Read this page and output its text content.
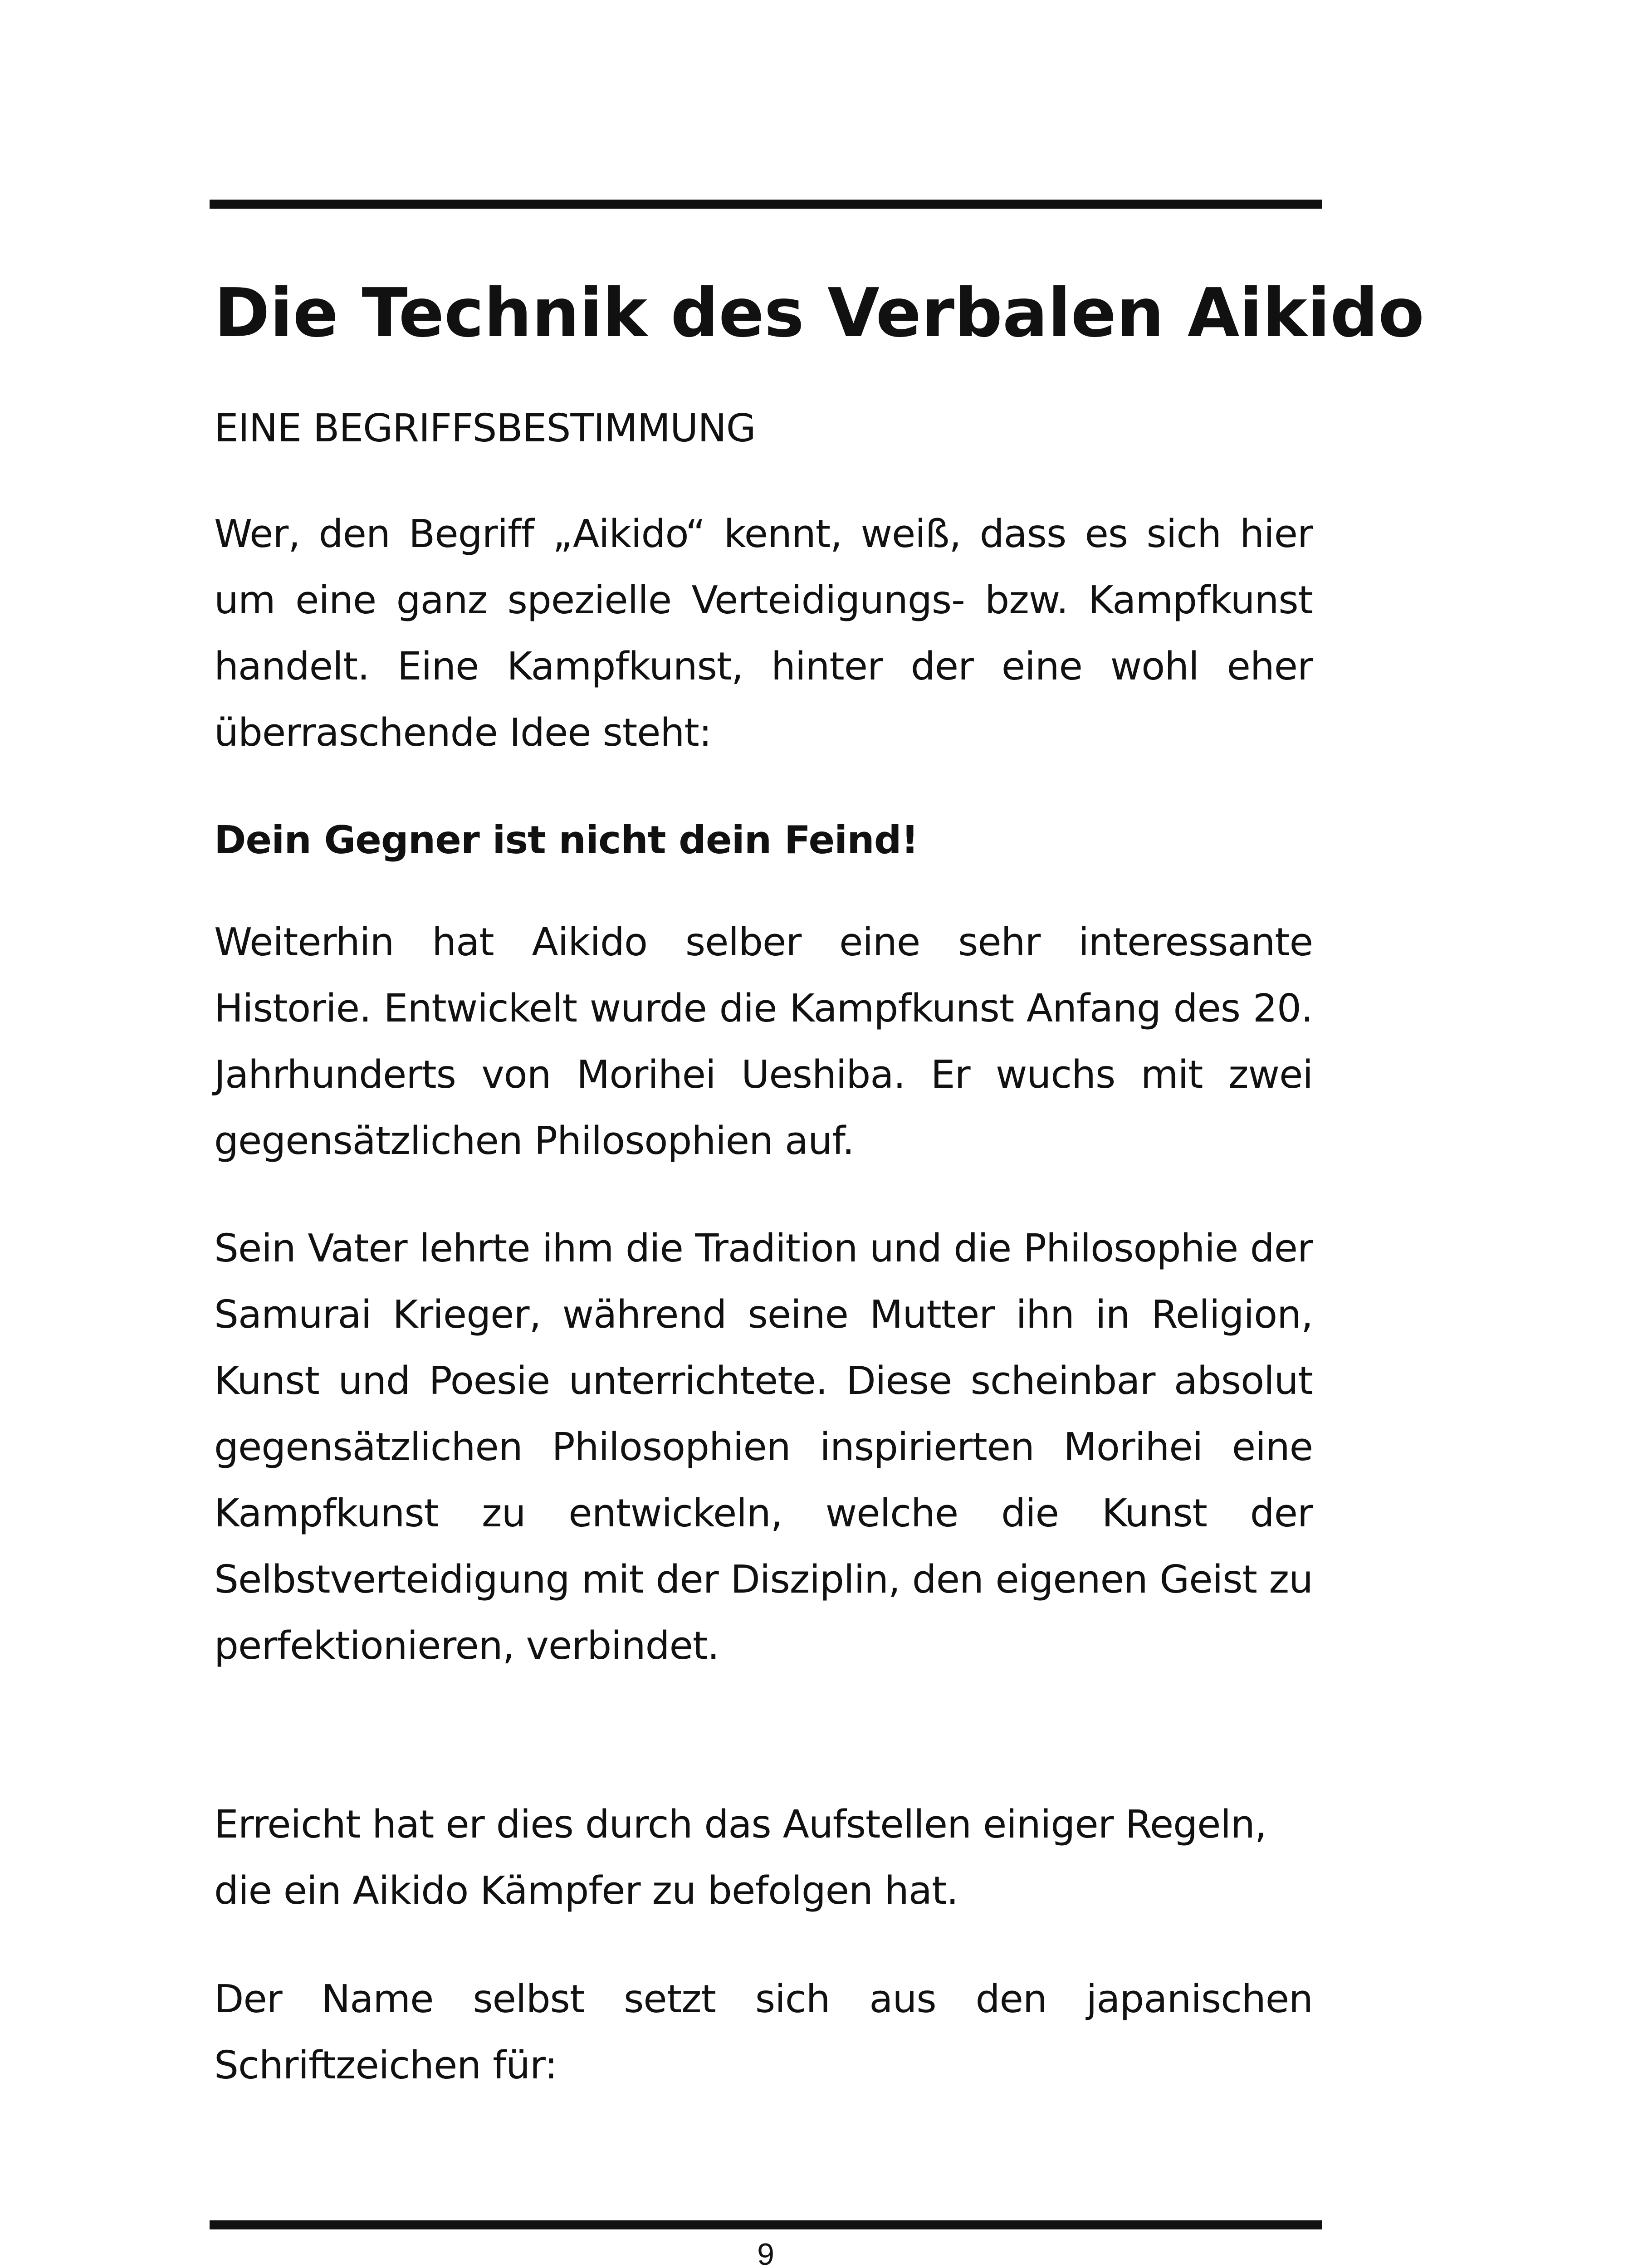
Die Technik des Verbalen Aikido

EINE BEGRIFFSBESTIMMUNG

Wer, den Begriff „Aikido“ kennt, weiß, dass es sich hier um eine ganz spezielle Verteidigungs- bzw. Kampfkunst handelt. Eine Kampfkunst, hinter der eine wohl eher überraschende Idee steht:

Dein Gegner ist nicht dein Feind!

Weiterhin hat Aikido selber eine sehr interessante Historie. Entwickelt wurde die Kampfkunst Anfang des 20. Jahrhunderts von Morihei Ueshiba. Er wuchs mit zwei gegensätzlichen Philosophien auf.

Sein Vater lehrte ihm die Tradition und die Philosophie der Samurai Krieger, während seine Mutter ihn in Religion, Kunst und Poesie unterrichtete. Diese scheinbar absolut gegensätzlichen Philosophien inspirierten Morihei eine Kampfkunst zu entwickeln, welche die Kunst der Selbstverteidigung mit der Disziplin, den eigenen Geist zu perfektionieren, verbindet.

Erreicht hat er dies durch das Aufstellen einiger Regeln, die ein Aikido Kämpfer zu befolgen hat.

Der Name selbst setzt sich aus den japanischen Schriftzeichen für:

9
